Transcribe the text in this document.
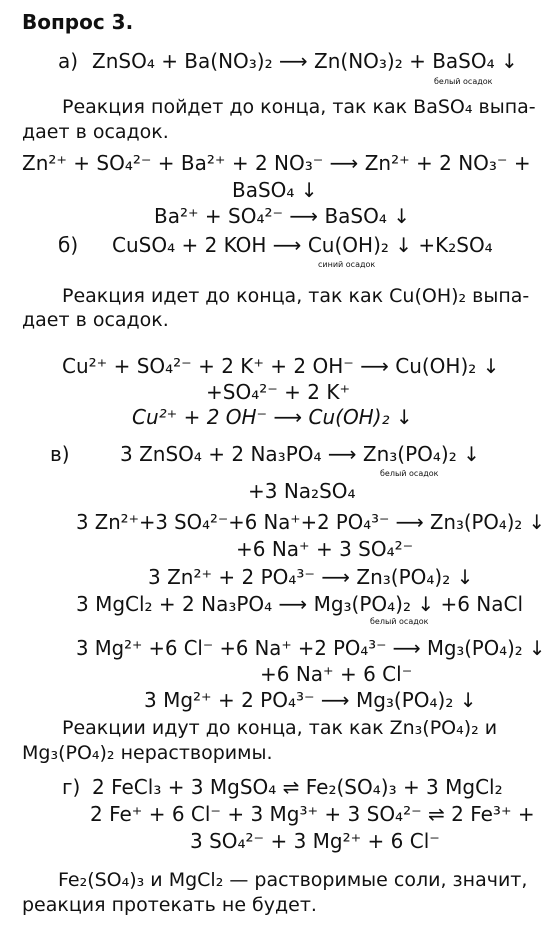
Вопрос 3.
а) ZnSO₄ + Ba(NO₃)₂ ⟶ Zn(NO₃)₂ + BaSO₄ ↓
белый осадок
Реакция пойдет до конца, так как BaSO₄ выпа-
дает в осадок.
Zn²⁺ + SO₄²⁻ + Ba²⁺ + 2 NO₃⁻ ⟶ Zn²⁺ + 2 NO₃⁻ +
BaSO₄ ↓
Ba²⁺ + SO₄²⁻ ⟶ BaSO₄ ↓
б) CuSO₄ + 2 KOH ⟶ Cu(OH)₂ ↓ +K₂SO₄
синий осадок
Реакция идет до конца, так как Cu(OH)₂ выпа-
дает в осадок.
Cu²⁺ + SO₄²⁻ + 2 K⁺ + 2 OH⁻ ⟶ Cu(OH)₂ ↓
+SO₄²⁻ + 2 K⁺
Cu²⁺ + 2 OH⁻ ⟶ Cu(OH)₂ ↓
в)	3 ZnSO₄ + 2 Na₃PO₄ ⟶ Zn₃(PO₄)₂ ↓
белый осадок
+3 Na₂SO₄
3 Zn²⁺+3 SO₄²⁻+6 Na⁺+2 PO₄³⁻ ⟶ Zn₃(PO₄)₂ ↓
+6 Na⁺ + 3 SO₄²⁻
3 Zn²⁺ + 2 PO₄³⁻ ⟶ Zn₃(PO₄)₂ ↓
3 MgCl₂ + 2 Na₃PO₄ ⟶ Mg₃(PO₄)₂ ↓ +6 NaCl
белый осадок
3 Mg²⁺ +6 Cl⁻ +6 Na⁺ +2 PO₄³⁻ ⟶ Mg₃(PO₄)₂ ↓
+6 Na⁺ + 6 Cl⁻
3 Mg²⁺ + 2 PO₄³⁻ ⟶ Mg₃(PO₄)₂ ↓
Реакции идут до конца, так как Zn₃(PO₄)₂ и
Mg₃(PO₄)₂ нерастворимы.
г) 2 FeCl₃ + 3 MgSO₄ ⇌ Fe₂(SO₄)₃ + 3 MgCl₂
2 Fe⁺ + 6 Cl⁻ + 3 Mg³⁺ + 3 SO₄²⁻ ⇌ 2 Fe³⁺ +
3 SO₄²⁻ + 3 Mg²⁺ + 6 Cl⁻
Fe₂(SO₄)₃ и MgCl₂ — растворимые соли, значит,
реакция протекать не будет.
